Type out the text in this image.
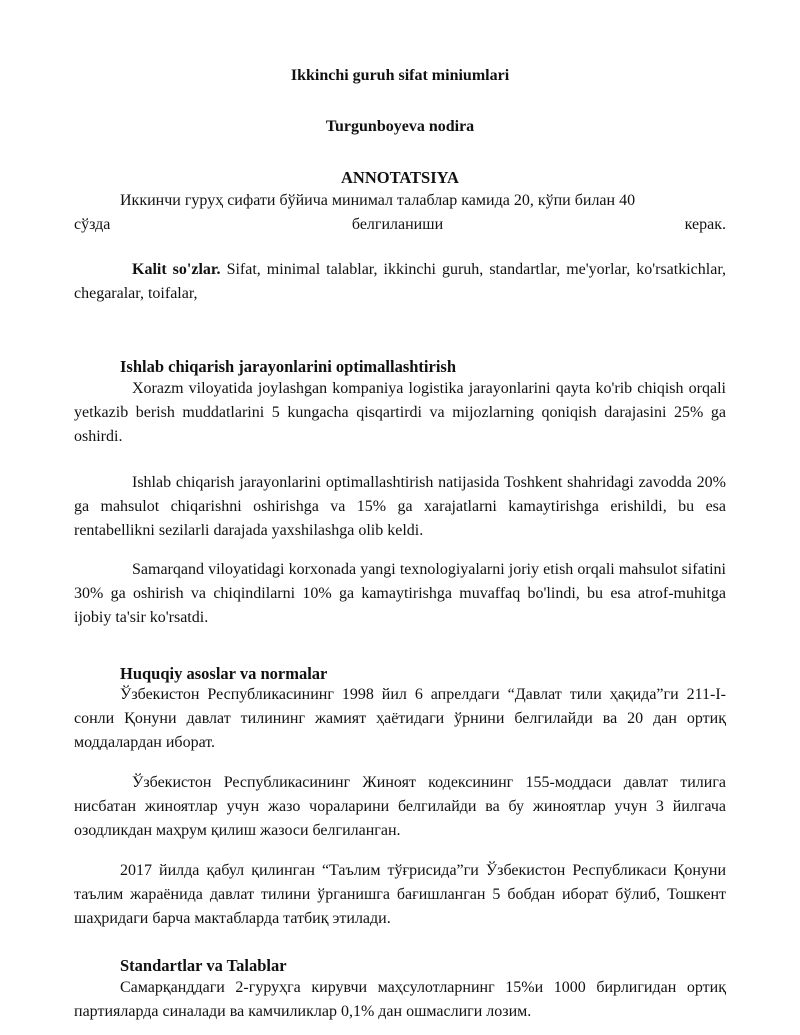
Ikkinchi guruh sifat miniumlari
Turgunboyeva nodira
ANNOTATSIYA
Иккинчи гуруҳ сифати бўйича минимал талаблар камида 20, кўпи билан 40
сўзда	белгиланиши	керак.
Kalit so'zlar. Sifat, minimal talablar, ikkinchi guruh, standartlar, me'yorlar, ko'rsatkichlar, chegaralar, toifalar,
Ishlab chiqarish jarayonlarini optimallashtirish
Xorazm viloyatida joylashgan kompaniya logistika jarayonlarini qayta ko'rib chiqish orqali yetkazib berish muddatlarini 5 kungacha qisqartirdi va mijozlarning qoniqish darajasini 25% ga oshirdi.
Ishlab chiqarish jarayonlarini optimallashtirish natijasida Toshkent shahridagi zavodda 20% ga mahsulot chiqarishni oshirishga va 15% ga xarajatlarni kamaytirishga erishildi, bu esa rentabellikni sezilarli darajada yaxshilashga olib keldi.
Samarqand viloyatidagi korxonada yangi texnologiyalarni joriy etish orqali mahsulot sifatini 30% ga oshirish va chiqindilarni 10% ga kamaytirishga muvaffaq bo'lindi, bu esa atrof-muhitga ijobiy ta'sir ko'rsatdi.
Huquqiy asoslar va normalar
Ўзбекистон Республикасининг 1998 йил 6 апрелдаги “Давлат тили ҳақида”ги 211-I-сонли Қонуни давлат тилининг жамият ҳаётидаги ўрнини белгилайди ва 20 дан ортиқ моддалардан иборат.
Ўзбекистон Республикасининг Жиноят кодексининг 155-моддаси давлат тилига нисбатан жиноятлар учун жазо чораларини белгилайди ва бу жиноятлар учун 3 йилгача озодликдан маҳрум қилиш жазоси белгиланган.
2017 йилда қабул қилинган “Таълим тўғрисида”ги Ўзбекистон Республикаси Қонуни таълим жараёнида давлат тилини ўрганишга бағишланган 5 бобдан иборат бўлиб, Тошкент шаҳридаги барча мактабларда татбиқ этилади.
Standartlar va Talablar
Самарқанддаги 2-гуруҳга кирувчи маҳсулотларнинг 15%и 1000 бирлигидан ортиқ партияларда синалади ва камчиликлар 0,1% дан ошмаслиги лозим.
